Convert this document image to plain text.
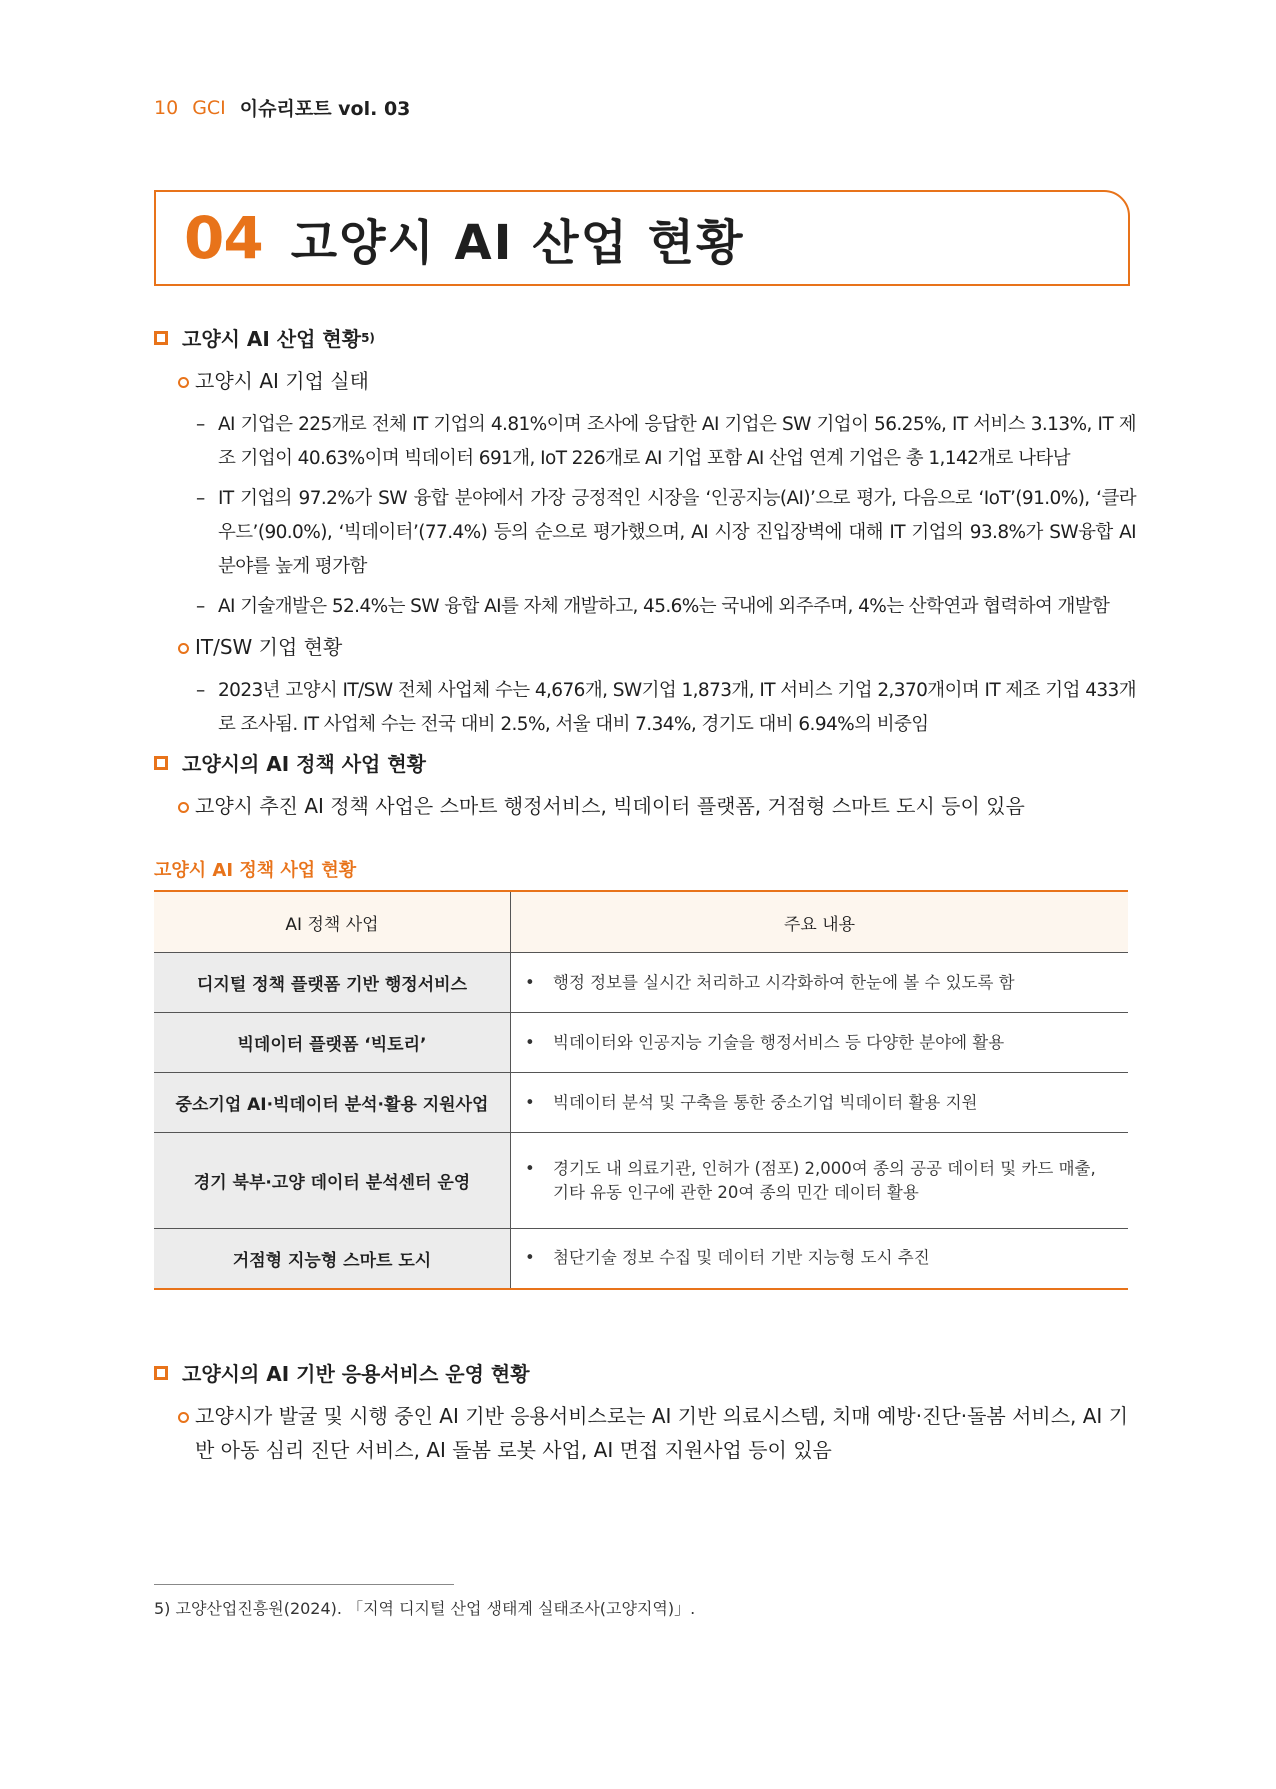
10 GCI 이슈리포트 vol. 03
04 고양시 AI 산업 현황
고양시 AI 산업 현황 5)
고양시 AI 기업 실태
– AI 기업은 225개로 전체 IT 기업의 4.81%이며 조사에 응답한 AI 기업은 SW 기업이 56.25%, IT 서비스 3.13%, IT 제조 기업이 40.63%이며 빅데이터 691개, IoT 226개로 AI 기업 포함 AI 산업 연계 기업은 총 1,142개로 나타남
– IT 기업의 97.2%가 SW 융합 분야에서 가장 긍정적인 시장을 ‘인공지능(AI)’으로 평가, 다음으로 ‘IoT’(91.0%), ‘클라우드’(90.0%), ‘빅데이터’(77.4%) 등의 순으로 평가했으며, AI 시장 진입장벽에 대해 IT 기업의 93.8%가 SW융합 AI 분야를 높게 평가함
– AI 기술개발은 52.4%는 SW 융합 AI를 자체 개발하고, 45.6%는 국내에 외주주며, 4%는 산학연과 협력하여 개발함
IT/SW 기업 현황
– 2023년 고양시 IT/SW 전체 사업체 수는 4,676개, SW기업 1,873개, IT 서비스 기업 2,370개이며 IT 제조 기업 433개로 조사됨. IT 사업체 수는 전국 대비 2.5%, 서울 대비 7.34%, 경기도 대비 6.94%의 비중임
고양시의 AI 정책 사업 현황
고양시 추진 AI 정책 사업은 스마트 행정서비스, 빅데이터 플랫폼, 거점형 스마트 도시 등이 있음
고양시 AI 정책 사업 현황
AI 정책 사업	주요 내용
디지털 정책 플랫폼 기반 행정서비스	• 행정 정보를 실시간 처리하고 시각화하여 한눈에 볼 수 있도록 함

빅데이터 플랫폼 ‘빅토리’	• 빅데이터와 인공지능 기술을 행정서비스 등 다양한 분야에 활용

중소기업 AI·빅데이터 분석·활용 지원사업	• 빅데이터 분석 및 구축을 통한 중소기업 빅데이터 활용 지원

경기 북부·고양 데이터 분석센터 운영	• 경기도 내 의료기관, 인허가 (점포) 2,000여 종의 공공 데이터 및 카드 매출, 기타 유동 인구에 관한 20여 종의 민간 데이터 활용

거점형 지능형 스마트 도시	• 첨단기술 정보 수집 및 데이터 기반 지능형 도시 추진
고양시의 AI 기반 응용서비스 운영 현황
고양시가 발굴 및 시행 중인 AI 기반 응용서비스로는 AI 기반 의료시스템, 치매 예방·진단·돌봄 서비스, AI 기반 아동 심리 진단 서비스, AI 돌봄 로봇 사업, AI 면접 지원사업 등이 있음
5) 고양산업진흥원(2024). 「지역 디지털 산업 생태계 실태조사(고양지역)」.
